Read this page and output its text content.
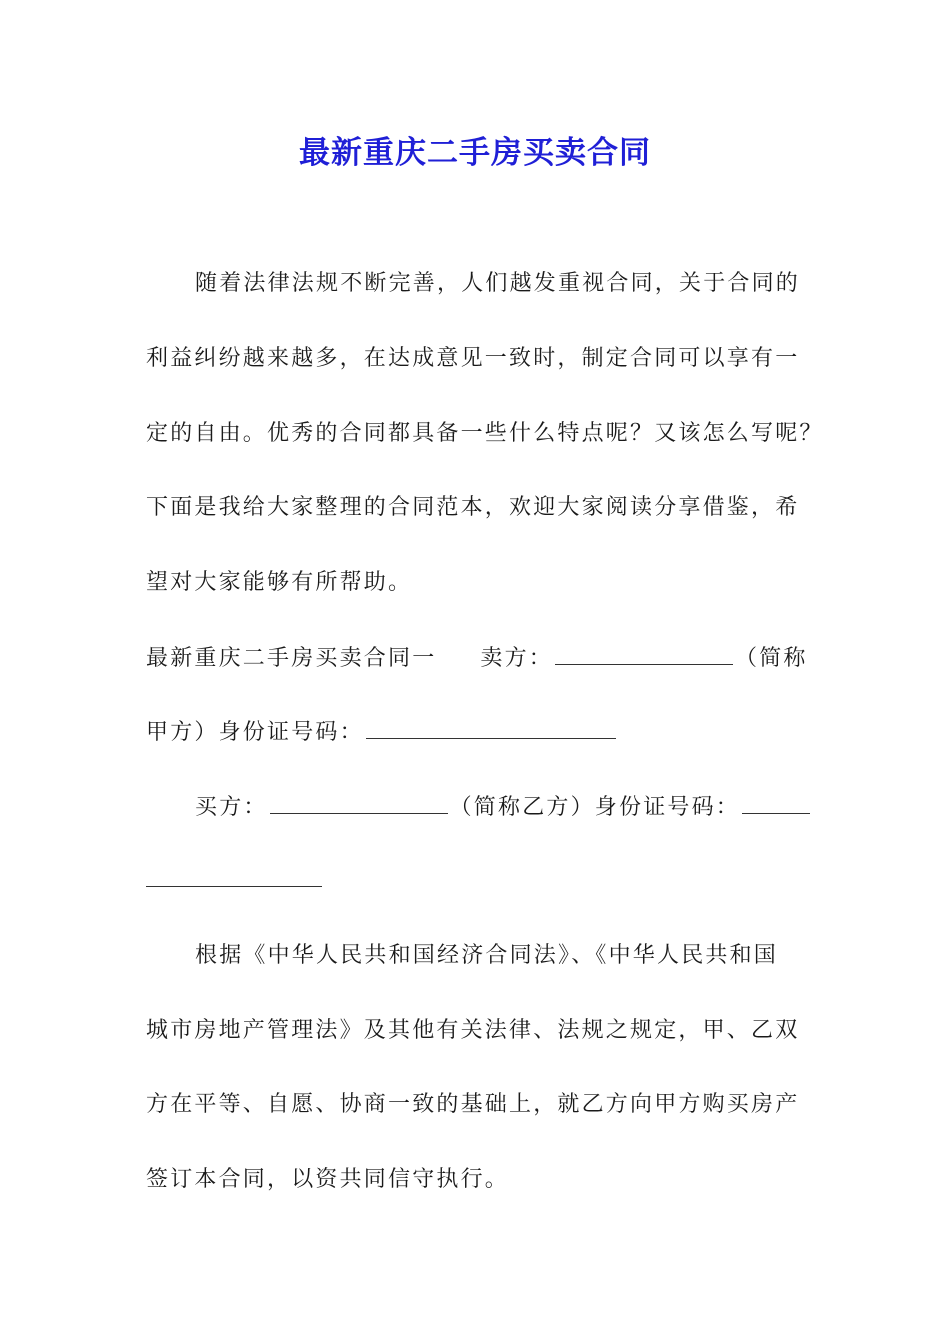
最新重庆二手房买卖合同
随着法律法规不断完善，人们越发重视合同，关于合同的
利益纠纷越来越多，在达成意见一致时，制定合同可以享有一
定的自由。优秀的合同都具备一些什么特点呢？又该怎么写呢？
下面是我给大家整理的合同范本，欢迎大家阅读分享借鉴，希
望对大家能够有所帮助。
最新重庆二手房买卖合同一 卖方：	（简称
甲方）身份证号码：
买方：	（简称乙方）身份证号码：
根据《中华人民共和国经济合同法》、《中华人民共和国
城市房地产管理法》及其他有关法律、法规之规定，甲、乙双
方在平等、自愿、协商一致的基础上，就乙方向甲方购买房产
签订本合同，以资共同信守执行。
